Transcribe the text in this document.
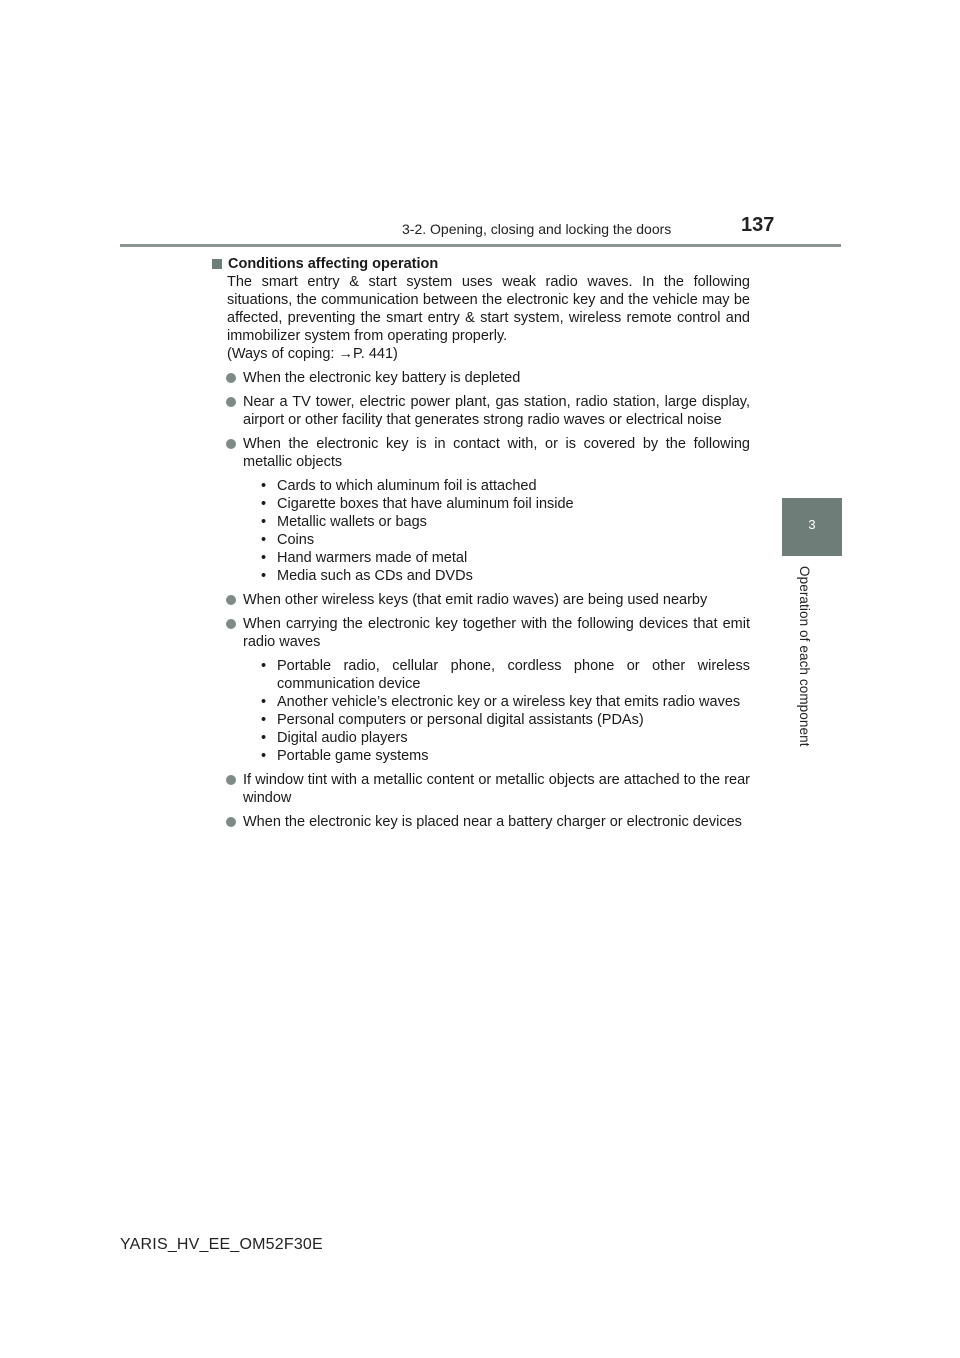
3-2. Opening, closing and locking the doors	137
3
Operation of each component
Conditions affecting operation
The smart entry & start system uses weak radio waves. In the following situations, the communication between the electronic key and the vehicle may be affected, preventing the smart entry & start system, wireless remote control and immobilizer system from operating properly.
(Ways of coping: →P. 441)
When the electronic key battery is depleted
Near a TV tower, electric power plant, gas station, radio station, large display, airport or other facility that generates strong radio waves or electrical noise
When the electronic key is in contact with, or is covered by the following metallic objects
• Cards to which aluminum foil is attached
• Cigarette boxes that have aluminum foil inside
• Metallic wallets or bags
• Coins
• Hand warmers made of metal
• Media such as CDs and DVDs
When other wireless keys (that emit radio waves) are being used nearby
When carrying the electronic key together with the following devices that emit radio waves
• Portable radio, cellular phone, cordless phone or other wireless communication device
• Another vehicle’s electronic key or a wireless key that emits radio waves
• Personal computers or personal digital assistants (PDAs)
• Digital audio players
• Portable game systems
If window tint with a metallic content or metallic objects are attached to the rear window
When the electronic key is placed near a battery charger or electronic devices
YARIS_HV_EE_OM52F30E
